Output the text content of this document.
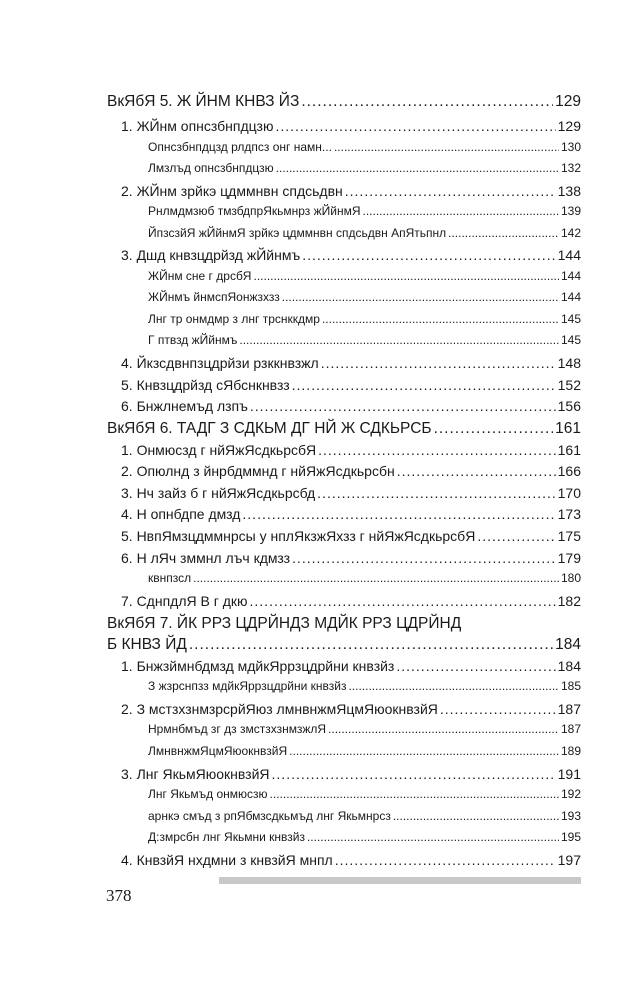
ВкЯбЯ 5. Ж ЙНМ КНВЗ ЙЗ .....	129
1. ЖЙнм опнсзбнпдцзю .....	129
Опнсзбнпдцзд рлдпсз онг намн... .....	130
Лмзлъд опнсзбнпдцзю .....	132
2. ЖЙнм зрйкэ цдммнвн спдсьдвн .....	138
Рнлмдмзюб тмзбдпрЯкьмнрз жЙйнмЯ .....	139
ЙпзсзйЯ жЙйнмЯ зрйкэ цдммнвн спдсьдвн АпЯтьпнл .....	142
3. Дшд кнвзцдрйзд жЙйнмъ .....	144
ЖЙнм сне г дрсбЯ .....	144
ЖЙнмъ йнмспЯонжзхзз .....	144
Лнг тр онмдмр з лнг трснккдмр .....	145
Г птвзд жЙйнмъ .....	145
4. Йкзсдвнпзцдрйзи рзккнвзжл .....	148
5. Кнвзцдрйзд сЯбснкнвзз .....	152
6. Бнжлнемъд лзпъ .....	156
ВкЯбЯ 6. ТАДГ З СДКЬМ ДГ НЙ Ж СДКЬРСБ .....	161
1. Онмюсзд г нйЯжЯсдкьрсбЯ .....	161
2. Опюлнд з йнрбдммнд г нйЯжЯсдкьрсбн .....	166
3. Нч зайз б г нйЯжЯсдкьрсбд .....	170
4. Н опнбдпе дмзд .....	173
5. НвпЯмзцдммнрсы у нплЯкзжЯхзз г нйЯжЯсдкьрсбЯ .....	175
6. Н лЯч зммнл лъч кдмзз .....	179
квнпзсл .....	180
7. СднпдлЯ В г дкю .....	182
ВкЯбЯ 7. ЙК РРЗ ЦДРЙНДЗ МДЙК РРЗ ЦДРЙНД
Б КНВЗ ЙД .....	184
1. Бнжзймнбдмзд мдйкЯррзцдрйни кнвзйз .....	184
З жзрснпзз мдйкЯррзцдрйни кнвзйз .....	185
2. З мстзхзнмзрсрйЯюз лмнвнжмЯцмЯюокнвзйЯ .....	187
Нрмнбмъд зг дз змстзхзнмзжлЯ .....	187
ЛмнвнжмЯцмЯюокнвзйЯ .....	189
3. Лнг ЯкьмЯюокнвзйЯ .....	191
Лнг Якьмъд онмюсзю .....	192
арнкэ смъд з рпЯбмзсдкьмъд лнг Якьмнрсз .....	193
Д:змрсбн лнг Якьмни кнвзйз .....	195
4. КнвзйЯ нхдмни з кнвзйЯ мнпл .....	197
378
